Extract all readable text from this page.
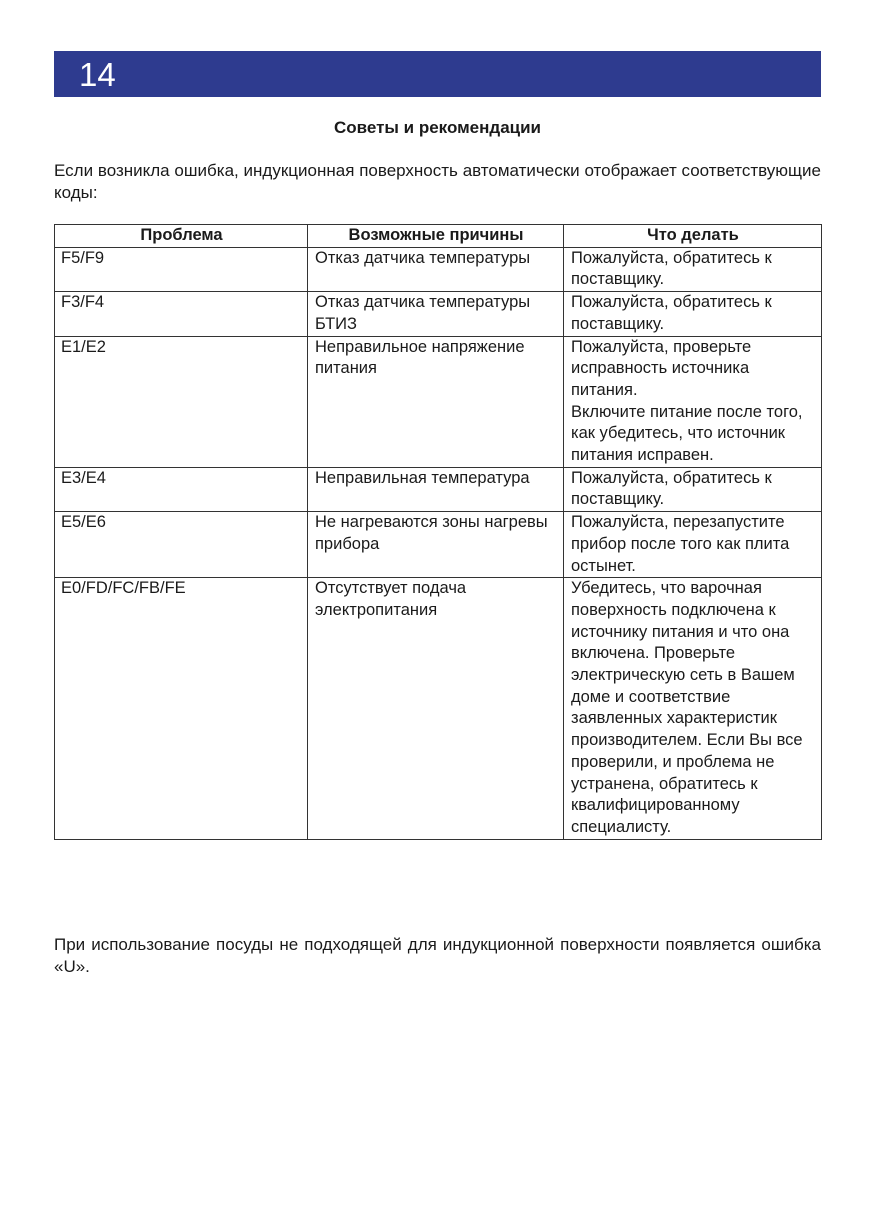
14
Советы и рекомендации
Если возникла ошибка, индукционная поверхность автоматически отображает соответствующие коды:
Проблема	Возможные причины	Что делать
F5/F9	Отказ датчика температуры	Пожалуйста, обратитесь к поставщику.
F3/F4	Отказ датчика температуры БТИЗ	Пожалуйста, обратитесь к поставщику.
E1/E2	Неправильное напряжение питания	Пожалуйста, проверьте исправность источника питания.
Включите питание после того, как убедитесь, что источник питания исправен.
E3/E4	Неправильная температура	Пожалуйста, обратитесь к поставщику.
E5/E6	Не нагреваются зоны нагревы прибора	Пожалуйста, перезапустите прибор после того как плита остынет.
E0/FD/FC/FB/FE	Отсутствует подача электропитания	Убедитесь, что варочная поверхность подключена к источнику питания и что она включена. Проверьте электрическую сеть в Вашем доме и соответствие заявленных характеристик производителем. Если Вы все проверили, и проблема не устранена, обратитесь к квалифицированному специалисту.
При использование посуды не подходящей для индукционной поверхности появляется ошибка «U».
